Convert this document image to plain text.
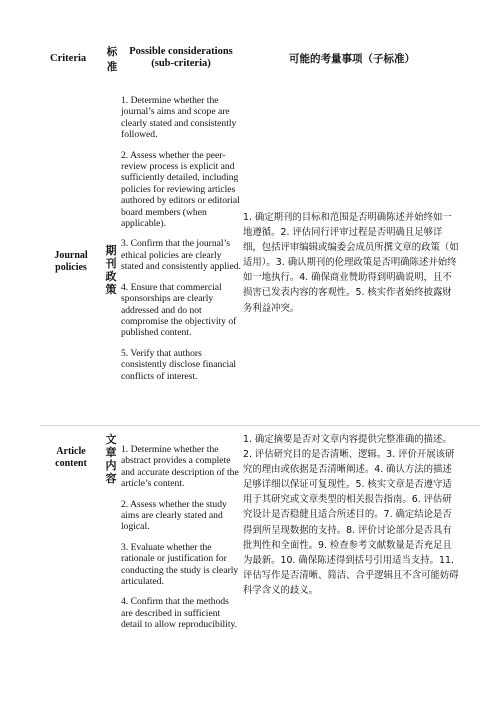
Criteria
标
准
Possible considerations
(sub-criteria)	可能的考量事项（子标准）
Journal
policies
期
刊
政
策

1. Determine whether the journal’s aims and scope are clearly stated and consistently followed.

2. Assess whether the peer-review process is explicit and sufficiently detailed, including policies for reviewing articles authored by editors or editorial board members (when applicable).

3. Confirm that the journal’s ethical policies are clearly stated and consistently applied.

4. Ensure that commercial sponsorships are clearly addressed and do not compromise the objectivity of published content.

5. Verify that authors consistently disclose financial conflicts of interest.

1. 确定期刊的目标和范围是否明确陈述并始终如一地遵循。2. 评估同行评审过程是否明确且足够详细，包括评审编辑或编委会成员所撰文章的政策（如适用）。3. 确认期刊的伦理政策是否明确陈述并始终如一地执行。4. 确保商业赞助得到明确说明，且不损害已发表内容的客观性。5. 核实作者始终披露财务利益冲突。
Article
content
文
章
内
容

1. Determine whether the abstract provides a complete and accurate description of the article’s content.

2. Assess whether the study aims are clearly stated and logical.

3. Evaluate whether the rationale or justification for conducting the study is clearly articulated.

4. Confirm that the methods are described in sufficient detail to allow reproducibility.

1. 确定摘要是否对文章内容提供完整准确的描述。2. 评估研究目的是否清晰、逻辑。3. 评价开展该研究的理由或依据是否清晰阐述。4. 确认方法的描述足够详细以保证可复现性。5. 核实文章是否遵守适用于其研究或文章类型的相关报告指南。6. 评估研究设计是否稳健且适合所述目的。7. 确定结论是否得到所呈现数据的支持。8. 评价讨论部分是否具有批判性和全面性。9. 检查参考文献数量是否充足且为最新。10. 确保陈述得到括号引用适当支持。11. 评估写作是否清晰、简洁、合乎逻辑且不含可能妨碍科学含义的歧义。
